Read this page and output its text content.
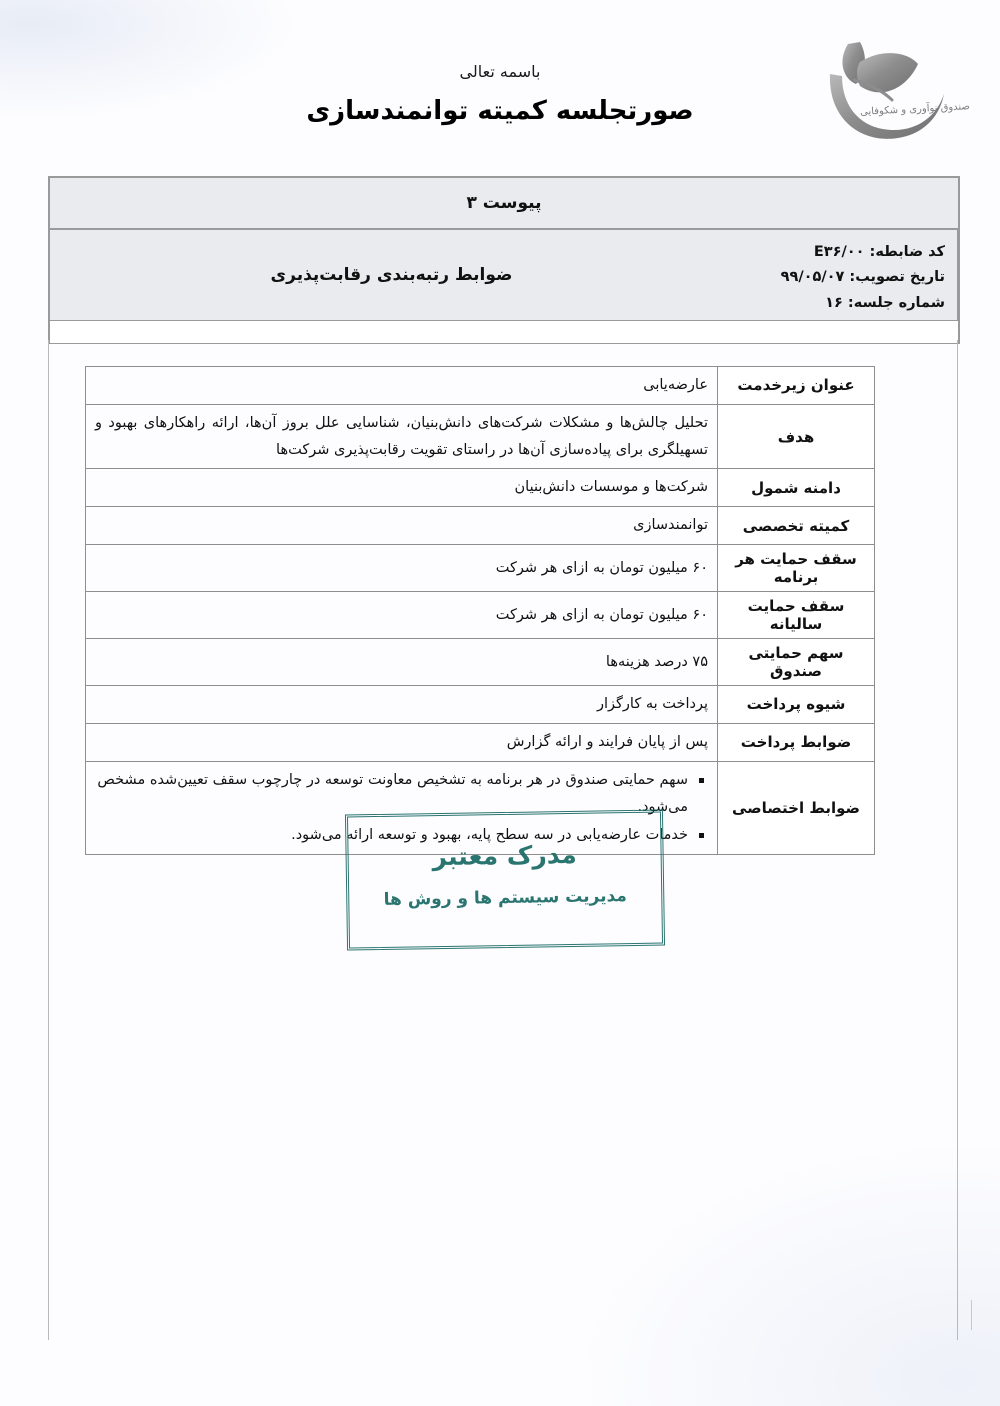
باسمه تعالی
صورتجلسه کمیته توانمندسازی	صندوق نوآوری و شکوفایی
پیوست ۳
ضوابط رتبه‌بندی رقابت‌پذیری
کد ضابطه: E۳۶/۰۰
تاریخ تصویب: ۹۹/۰۵/۰۷
شماره جلسه: ۱۶
عنوان زیرخدمت	عارضه‌یابی
هدف	تحلیل چالش‌ها و مشکلات شرکت‌های دانش‌بنیان، شناسایی علل بروز آن‌ها، ارائه راهکارهای بهبود و تسهیلگری برای پیاده‌سازی آن‌ها در راستای تقویت رقابت‌پذیری شرکت‌ها
دامنه شمول	شرکت‌ها و موسسات دانش‌بنیان
کمیته تخصصی	توانمندسازی
سقف حمایت هر برنامه	۶۰ میلیون تومان به ازای هر شرکت
سقف حمایت سالیانه	۶۰ میلیون تومان به ازای هر شرکت
سهم حمایتی صندوق	۷۵ درصد هزینه‌ها
شیوه پرداخت	پرداخت به کارگزار
ضوابط پرداخت	پس از پایان فرایند و ارائه گزارش
ضوابط اختصاصی	
سهم حمایتی صندوق در هر برنامه به تشخیص معاونت توسعه در چارچوب سقف تعیین‌شده مشخص می‌شود.
خدمات عارضه‌یابی در سه سطح پایه، بهبود و توسعه ارائه می‌شود.
مدرک معتبر
مدیریت سیستم ها و روش ها
